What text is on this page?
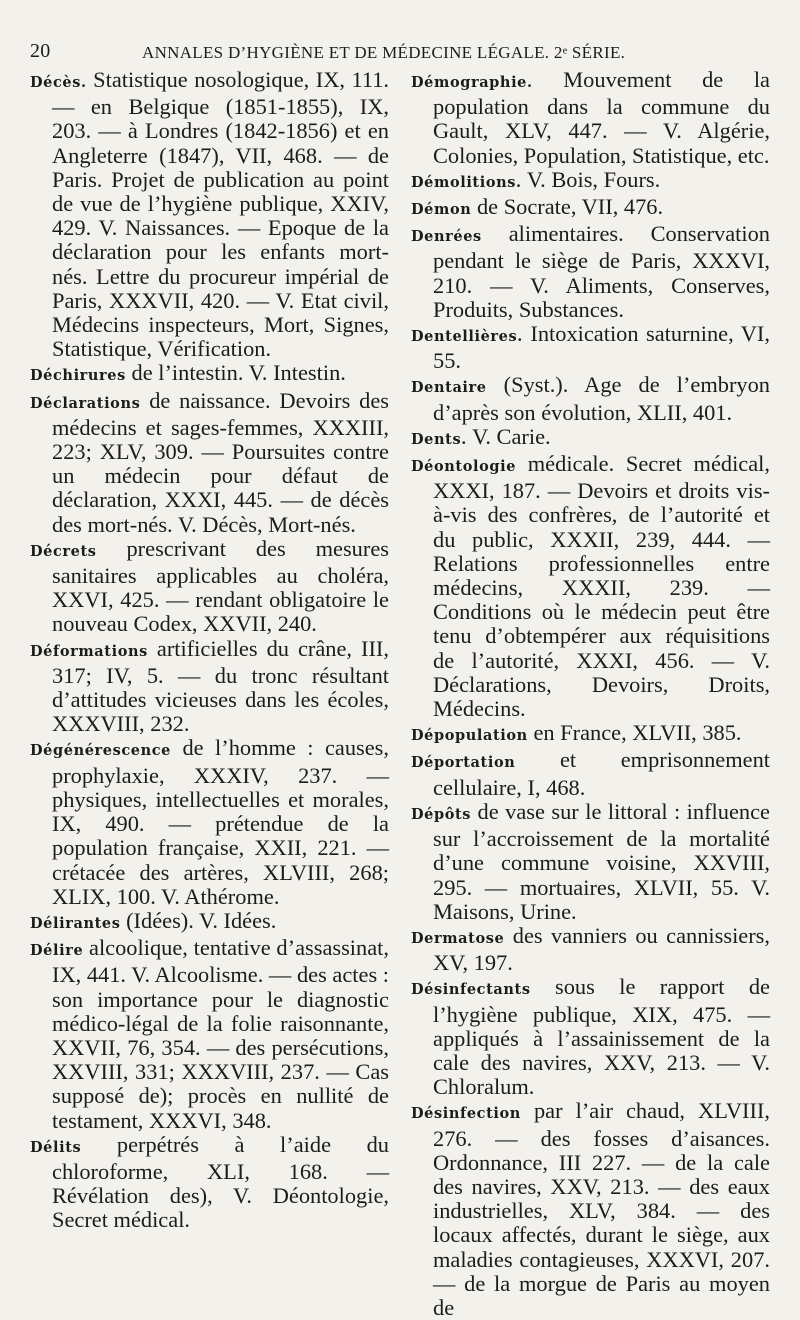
20	ANNALES D’HYGIÈNE ET DE MÉDECINE LÉGALE. 2ᵉ SÉRIE.

Décès. Statistique nosologique, IX, 111. — en Belgique (1851-1855), IX, 203. — à Londres (1842-1856) et en Angleterre (1847), VII, 468. — de Paris. Projet de publication au point de vue de l’hygiène publique, XXIV, 429. V. Naissances. — Epoque de la déclaration pour les enfants mort-nés. Lettre du procureur impérial de Paris, XXXVII, 420. — V. Etat civil, Médecins inspecteurs, Mort, Signes, Statistique, Vérification.

Déchirures de l’intestin. V. Intestin.

Déclarations de naissance. Devoirs des médecins et sages-femmes, XXXIII, 223; XLV, 309. — Poursuites contre un médecin pour défaut de déclaration, XXXI, 445. — de décès des mort-nés. V. Décès, Mort-nés.

Décrets prescrivant des mesures sanitaires applicables au choléra, XXVI, 425. — rendant obligatoire le nouveau Codex, XXVII, 240.

Déformations artificielles du crâne, III, 317; IV, 5. — du tronc résultant d’attitudes vicieuses dans les écoles, XXXVIII, 232.

Dégénérescence de l’homme : causes, prophylaxie, XXXIV, 237. — physiques, intellectuelles et morales, IX, 490. — prétendue de la population française, XXII, 221. — crétacée des artères, XLVIII, 268; XLIX, 100. V. Athérome.

Délirantes (Idées). V. Idées.

Délire alcoolique, tentative d’assassinat, IX, 441. V. Alcoolisme. — des actes : son importance pour le diagnostic médico-légal de la folie raisonnante, XXVII, 76, 354. — des persécutions, XXVIII, 331; XXXVIII, 237. — Cas supposé de); procès en nullité de testament, XXXVI, 348.

Délits perpétrés à l’aide du chloroforme, XLI, 168. — Révélation des), V. Déontologie, Secret médical.

Démographie. Mouvement de la population dans la commune du Gault, XLV, 447. — V. Algérie, Colonies, Population, Statistique, etc.

Démolitions. V. Bois, Fours.

Démon de Socrate, VII, 476.

Denrées alimentaires. Conservation pendant le siège de Paris, XXXVI, 210. — V. Aliments, Conserves, Produits, Substances.

Dentellières. Intoxication saturnine, VI, 55.

Dentaire (Syst.). Age de l’embryon d’après son évolution, XLII, 401.

Dents. V. Carie.

Déontologie médicale. Secret médical, XXXI, 187. — Devoirs et droits vis-à-vis des confrères, de l’autorité et du public, XXXII, 239, 444. — Relations professionnelles entre médecins, XXXII, 239. — Conditions où le médecin peut être tenu d’obtempérer aux réquisitions de l’autorité, XXXI, 456. — V. Déclarations, Devoirs, Droits, Médecins.

Dépopulation en France, XLVII, 385.

Déportation et emprisonnement cellulaire, I, 468.

Dépôts de vase sur le littoral : influence sur l’accroissement de la mortalité d’une commune voisine, XXVIII, 295. — mortuaires, XLVII, 55. V. Maisons, Urine.

Dermatose des vanniers ou cannissiers, XV, 197.

Désinfectants sous le rapport de l’hygiène publique, XIX, 475. — appliqués à l’assainissement de la cale des navires, XXV, 213. — V. Chloralum.

Désinfection par l’air chaud, XLVIII, 276. — des fosses d’aisances. Ordonnance, III 227. — de la cale des navires, XXV, 213. — des eaux industrielles, XLV, 384. — des locaux affectés, durant le siège, aux maladies contagieuses, XXXVI, 207. — de la morgue de Paris au moyen de
